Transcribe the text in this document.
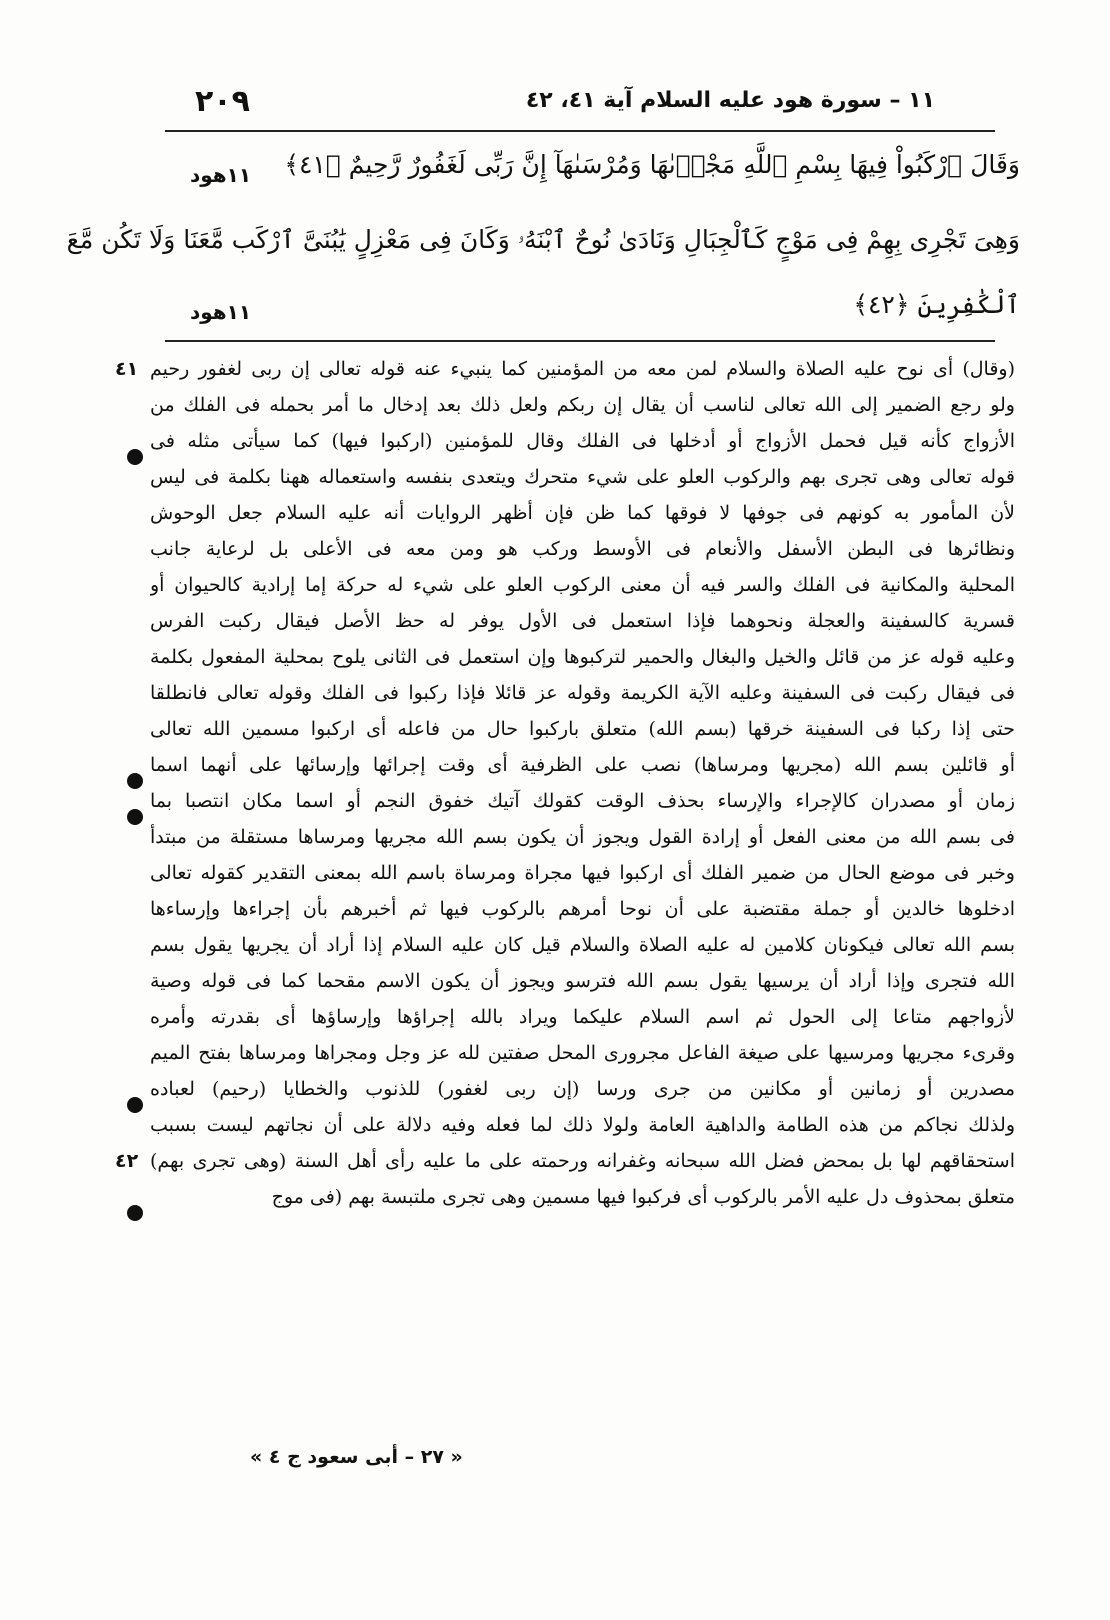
٢٠٩	١١ – سورة هود عليه السلام آية ٤١، ٤٢
وَقَالَ ٱرْكَبُواْ فِيهَا بِسْمِ ٱللَّهِ مَجْرٜىٰهَا وَمُرْسَىٰهَآ إِنَّ رَبِّى لَغَفُورٌ رَّحِيمٌ ﴿٤١﴾
١١هود
وَهِىَ تَجْرِى بِهِمْ فِى مَوْجٍ كَٱلْجِبَالِ وَنَادَىٰ نُوحٌ ٱبْنَهُۥ وَكَانَ فِى مَعْزِلٍ يَٰبُنَىَّ ٱرْكَب مَّعَنَا وَلَا تَكُن مَّعَ
ٱلْكَٰفِرِينَ ﴿٤٢﴾
١١هود
(وقال) أى نوح عليه الصلاة والسلام لمن معه من المؤمنين كما ينبيء عنه قوله تعالى إن ربى لغفور رحيم
ولو رجع الضمير إلى الله تعالى لناسب أن يقال إن ربكم ولعل ذلك بعد إدخال ما أمر بحمله فى الفلك من
الأزواج كأنه قيل فحمل الأزواج أو أدخلها فى الفلك وقال للمؤمنين (اركبوا فيها) كما سيأتى مثله فى
قوله تعالى وهى تجرى بهم والركوب العلو على شيء متحرك ويتعدى بنفسه واستعماله ههنا بكلمة فى ليس
لأن المأمور به كونهم فى جوفها لا فوقها كما ظن فإن أظهر الروايات أنه عليه السلام جعل الوحوش
ونظائرها فى البطن الأسفل والأنعام فى الأوسط وركب هو ومن معه فى الأعلى بل لرعاية جانب
المحلية والمكانية فى الفلك والسر فيه أن معنى الركوب العلو على شيء له حركة إما إرادية كالحيوان أو
قسرية كالسفينة والعجلة ونحوهما فإذا استعمل فى الأول يوفر له حظ الأصل فيقال ركبت الفرس
وعليه قوله عز من قائل والخيل والبغال والحمير لتركبوها وإن استعمل فى الثانى يلوح بمحلية المفعول بكلمة
فى فيقال ركبت فى السفينة وعليه الآية الكريمة وقوله عز قائلا فإذا ركبوا فى الفلك وقوله تعالى فانطلقا
حتى إذا ركبا فى السفينة خرقها (بسم الله) متعلق باركبوا حال من فاعله أى اركبوا مسمين الله تعالى
أو قائلين بسم الله (مجريها ومرساها) نصب على الظرفية أى وقت إجرائها وإرسائها على أنهما اسما
زمان أو مصدران كالإجراء والإرساء بحذف الوقت كقولك آتيك خفوق النجم أو اسما مكان انتصبا بما
فى بسم الله من معنى الفعل أو إرادة القول ويجوز أن يكون بسم الله مجريها ومرساها مستقلة من مبتدأ
وخبر فى موضع الحال من ضمير الفلك أى اركبوا فيها مجراة ومرساة باسم الله بمعنى التقدير كقوله تعالى
ادخلوها خالدين أو جملة مقتضبة على أن نوحا أمرهم بالركوب فيها ثم أخبرهم بأن إجراءها وإرساءها
بسم الله تعالى فيكونان كلامين له عليه الصلاة والسلام قيل كان عليه السلام إذا أراد أن يجريها يقول بسم
الله فتجرى وإذا أراد أن يرسيها يقول بسم الله فترسو ويجوز أن يكون الاسم مقحما كما فى قوله وصية
لأزواجهم متاعا إلى الحول ثم اسم السلام عليكما ويراد بالله إجراؤها وإرساؤها أى بقدرته وأمره
وقرىء مجريها ومرسيها على صيغة الفاعل مجرورى المحل صفتين لله عز وجل ومجراها ومرساها بفتح الميم
مصدرين أو زمانين أو مكانين من جرى ورسا (إن ربى لغفور) للذنوب والخطايا (رحيم) لعباده
ولذلك نجاكم من هذه الطامة والداهية العامة ولولا ذلك لما فعله وفيه دلالة على أن نجاتهم ليست بسبب
استحقاقهم لها بل بمحض فضل الله سبحانه وغفرانه ورحمته على ما عليه رأى أهل السنة (وهى تجرى بهم)
متعلق بمحذوف دل عليه الأمر بالركوب أى فركبوا فيها مسمين وهى تجرى ملتبسة بهم (فى موج
٤١
٤٢
« ٢٧ – أبى سعود ج ٤ »
